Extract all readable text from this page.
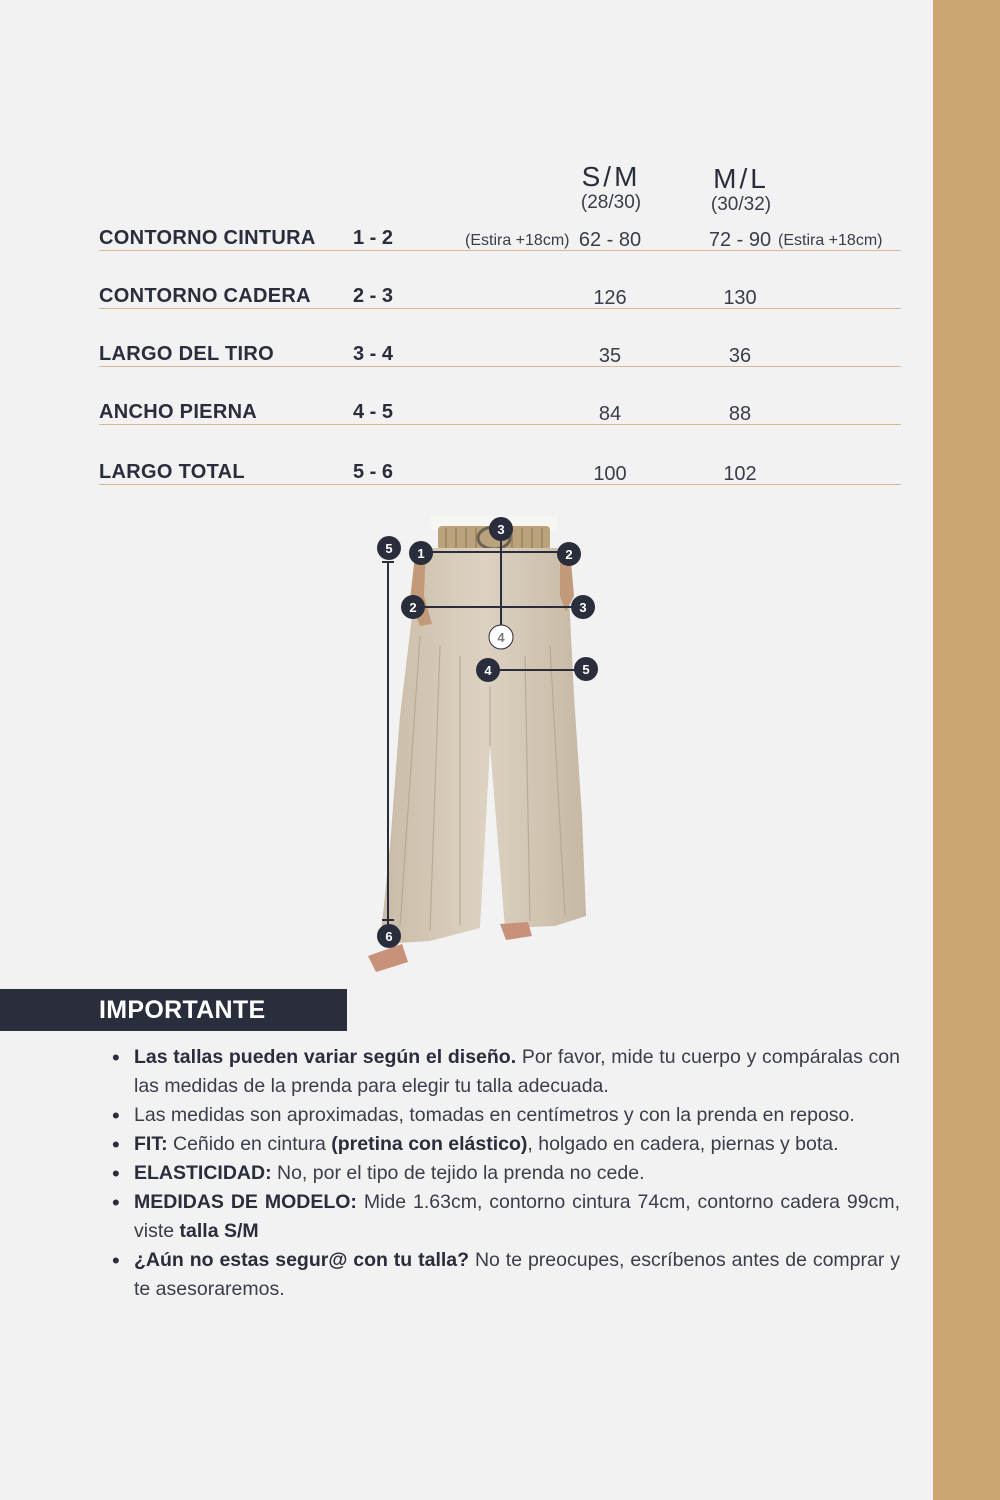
S/M
(28/30)
M/L
(30/32)
CONTORNO CINTURA 1 - 2	(Estira +18cm) 62 - 80	72 - 90 (Estira +18cm)
CONTORNO CADERA 2 - 3	126	130
LARGO DEL TIRO	3 - 4	35	36
ANCHO PIERNA	4 - 5	84	88
LARGO TOTAL	5 - 6	100	102
5 1
3
2
2	3
4
4	5
6
IMPORTANTE
• Las tallas pueden variar según el diseño. Por favor, mide tu cuerpo y compáralas con las medidas de la prenda para elegir tu talla adecuada.
• Las medidas son aproximadas, tomadas en centímetros y con la prenda en reposo.
• FIT: Ceñido en cintura (pretina con elástico), holgado en cadera, piernas y bota.
• ELASTICIDAD: No, por el tipo de tejido la prenda no cede.
• MEDIDAS DE MODELO: Mide 1.63cm, contorno cintura 74cm, contorno cadera 99cm, viste talla S/M
• ¿Aún no estas segur@ con tu talla? No te preocupes, escríbenos antes de comprar y te asesoraremos.
